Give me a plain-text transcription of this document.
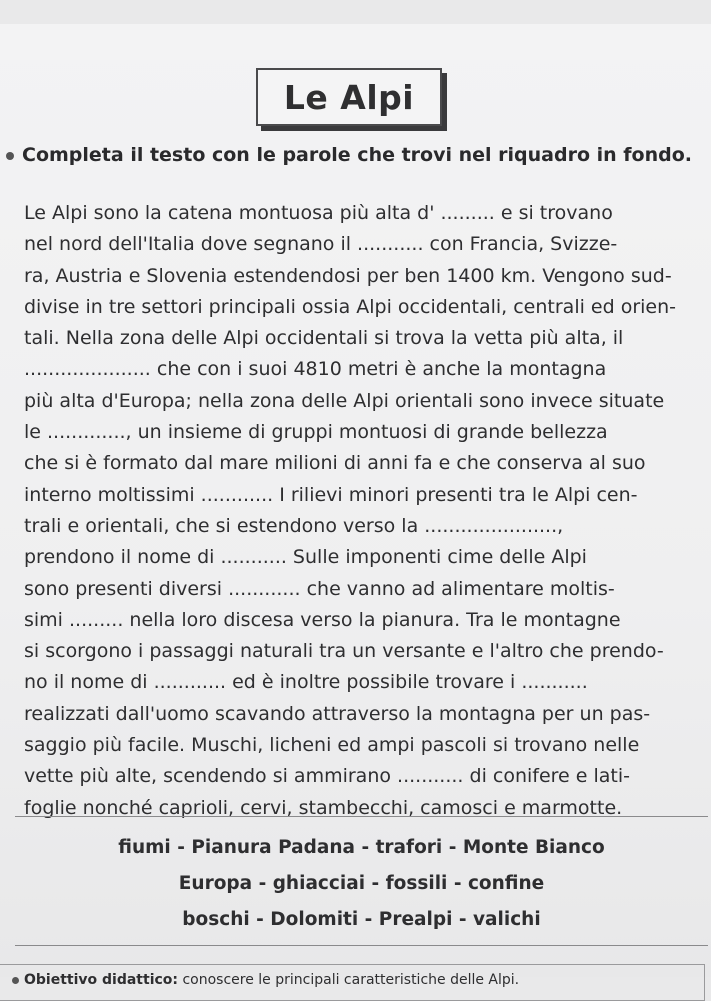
Le Alpi
Completa il testo con le parole che trovi nel riquadro in fondo.
Le Alpi sono la catena montuosa più alta d' ......... e si trovano
nel nord dell'Italia dove segnano il ........... con Francia, Svizze-
ra, Austria e Slovenia estendendosi per ben 1400 km. Vengono sud-
divise in tre settori principali ossia Alpi occidentali, centrali ed orien-
tali. Nella zona delle Alpi occidentali si trova la vetta più alta, il
..................... che con i suoi 4810 metri è anche la montagna
più alta d'Europa; nella zona delle Alpi orientali sono invece situate
le ............., un insieme di gruppi montuosi di grande bellezza
che si è formato dal mare milioni di anni fa e che conserva al suo
interno moltissimi ............ I rilievi minori presenti tra le Alpi cen-
trali e orientali, che si estendono verso la ......................,
prendono il nome di ........... Sulle imponenti cime delle Alpi
sono presenti diversi ............ che vanno ad alimentare moltis-
simi ......... nella loro discesa verso la pianura. Tra le montagne
si scorgono i passaggi naturali tra un versante e l'altro che prendo-
no il nome di ............ ed è inoltre possibile trovare i ...........
realizzati dall'uomo scavando attraverso la montagna per un pas-
saggio più facile. Muschi, licheni ed ampi pascoli si trovano nelle
vette più alte, scendendo si ammirano ........... di conifere e lati-
foglie nonché caprioli, cervi, stambecchi, camosci e marmotte.
fiumi - Pianura Padana - trafori - Monte Bianco
Europa - ghiacciai - fossili - confine
boschi - Dolomiti - Prealpi - valichi
Obiettivo didattico: conoscere le principali caratteristiche delle Alpi.
